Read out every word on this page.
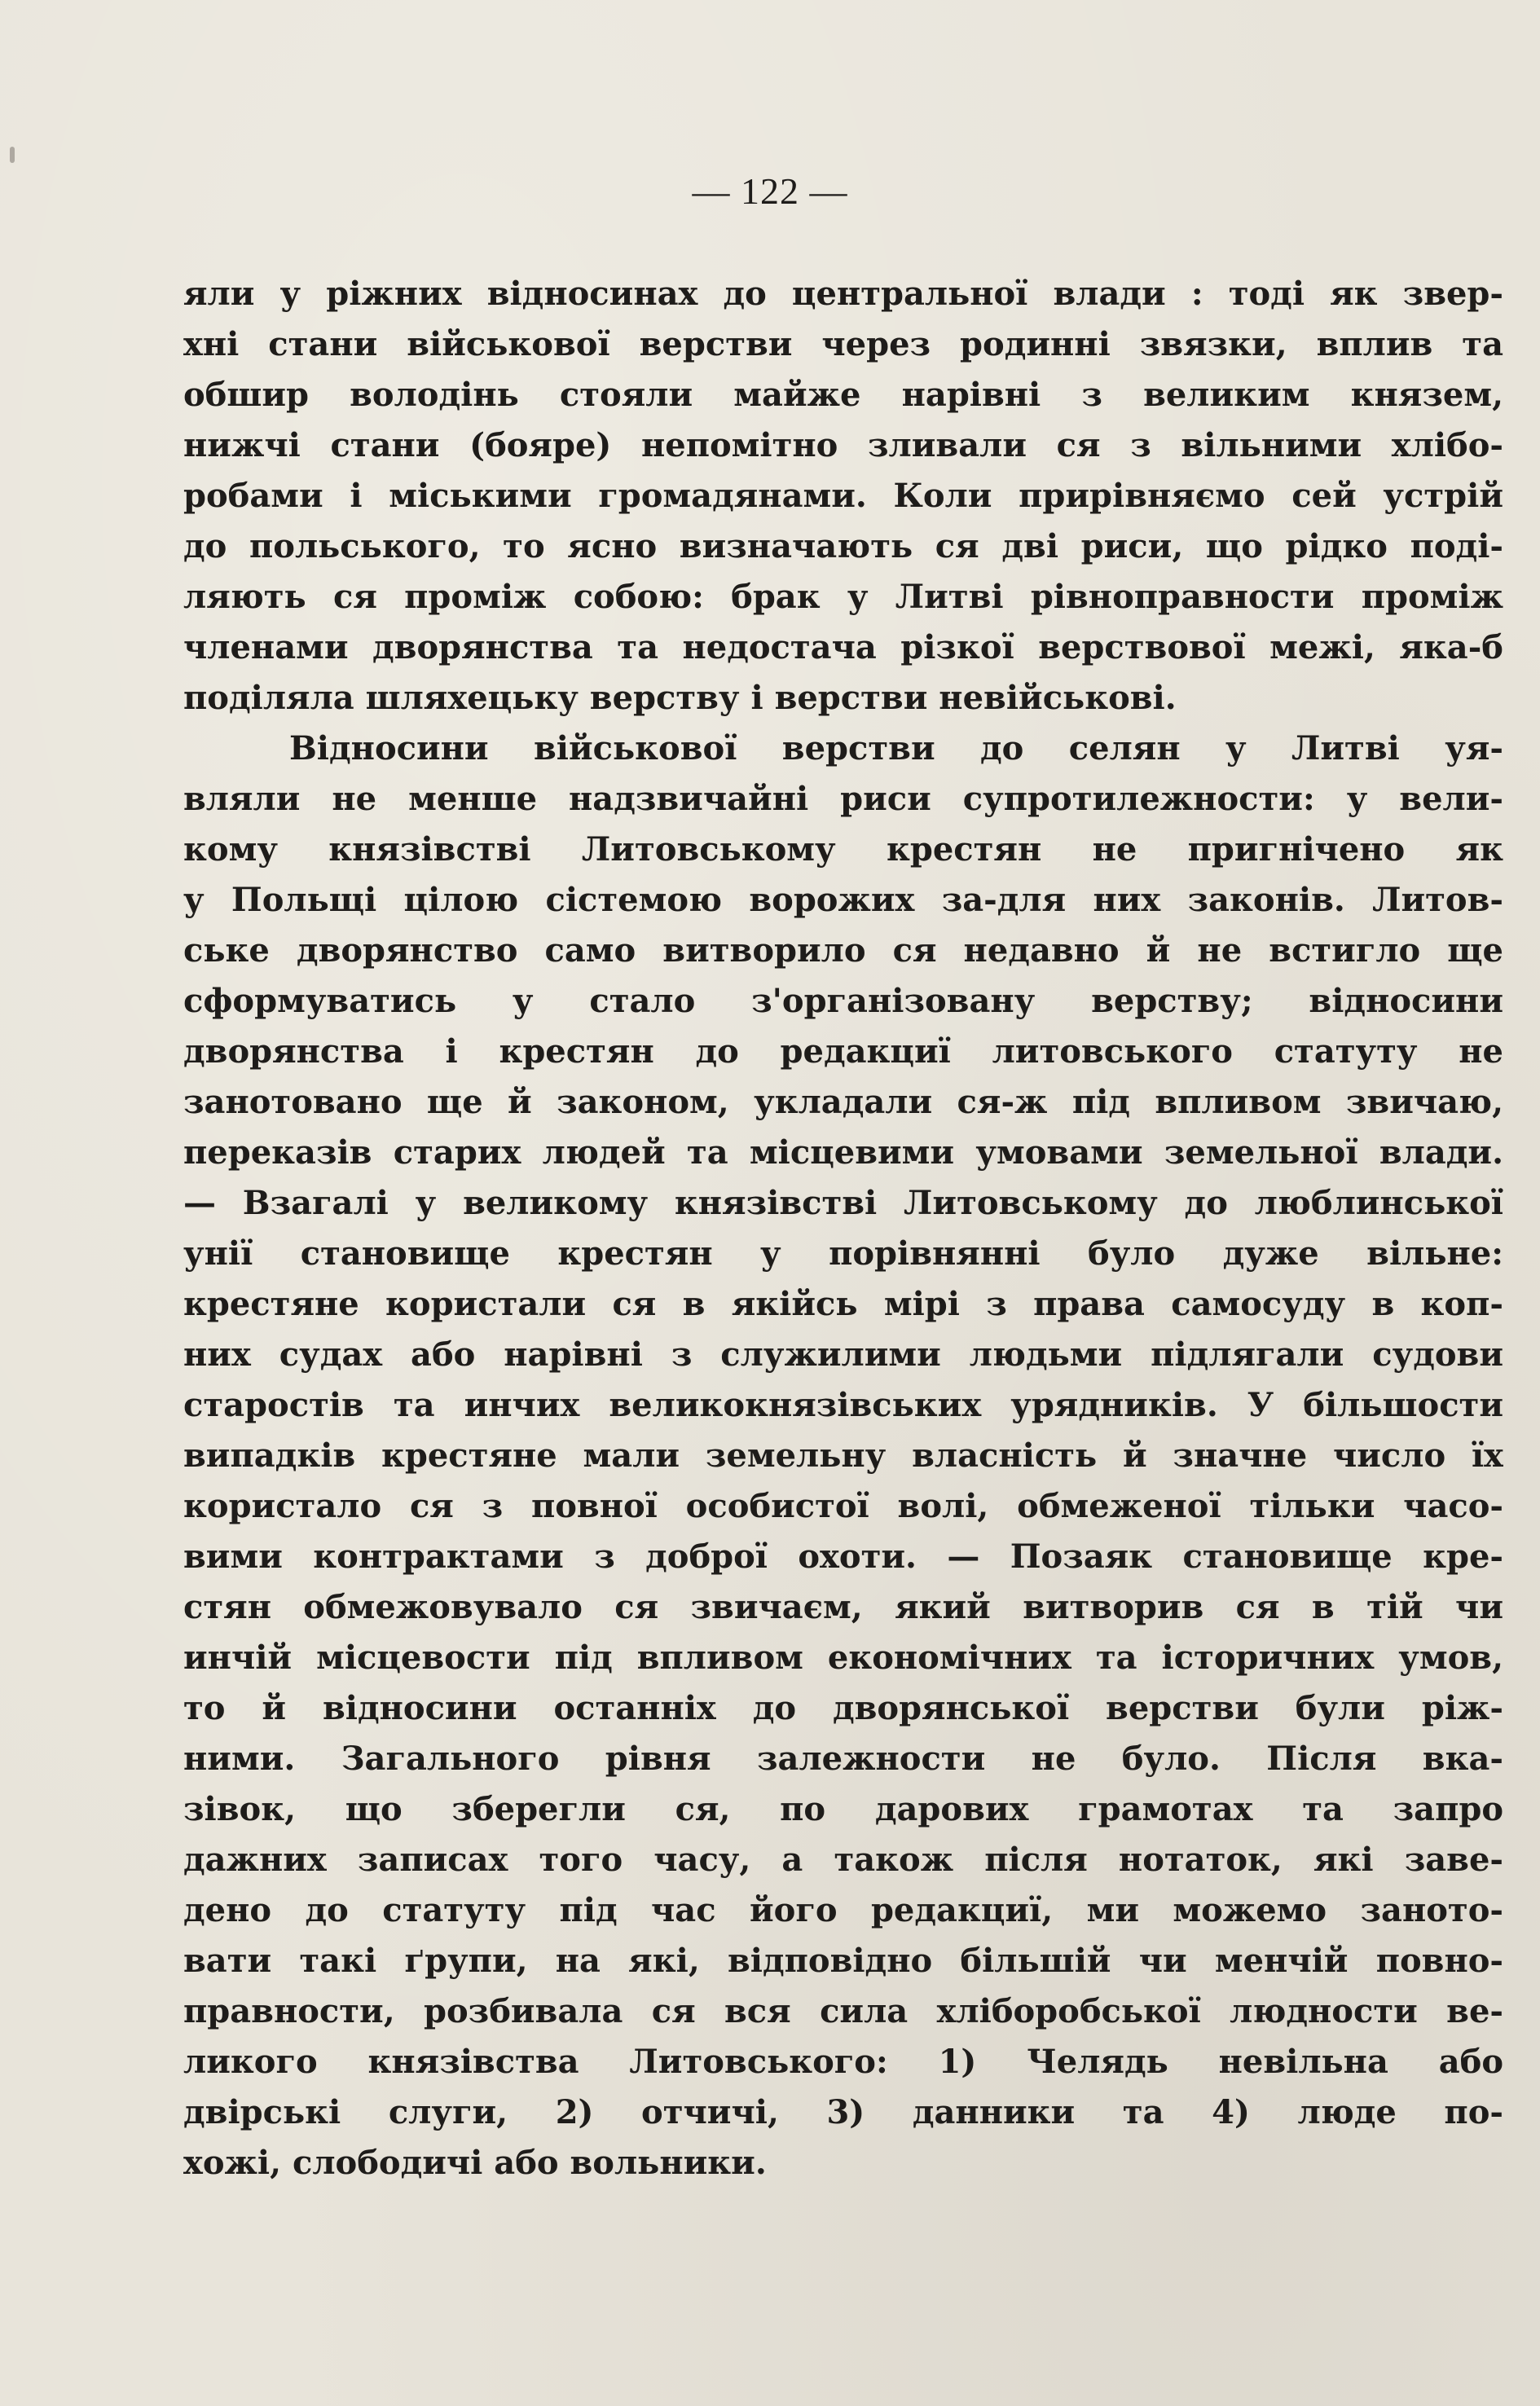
— 122 —
яли у ріжних відносинах до центральної влади : тоді як звер-
хні стани військової верстви через родинні звязки, вплив та
обшир володінь стояли майже нарівні з великим князем,
нижчі стани (бояре) непомітно зливали ся з вільними хлібо-
робами і міськими громадянами. Коли прирівняємо сей устрій
до польського, то ясно визначають ся дві риси, що рідко поді-
ляють ся проміж собою: брак у Литві рівноправности проміж
членами дворянства та недостача різкої верствової межі, яка-б
поділяла шляхецьку верству і верстви невійськові.
Відносини військової верстви до селян у Литві уя-
вляли не менше надзвичайні риси супротилежности: у вели-
кому князівстві Литовському крестян не пригнічено як
у Польщі цілою сістемою ворожих за-для них законів. Литов-
ське дворянство само витворило ся недавно й не встигло ще
сформуватись у стало з'організовану верству; відносини
дворянства і крестян до редакциї литовського статуту не
занотовано ще й законом, укладали ся-ж під впливом звичаю,
переказів старих людей та місцевими умовами земельної влади.
— Взагалі у великому князівстві Литовському до люблинської
унії становище крестян у порівнянні було дуже вільне:
крестяне користали ся в якійсь мірі з права самосуду в коп-
них судах або нарівні з служилими людьми підлягали судови
старостів та инчих великокнязівських урядників. У більшости
випадків крестяне мали земельну власність й значне число їх
користало ся з повної особистої волі, обмеженої тільки часо-
вими контрактами з доброї охоти. — Позаяк становище кре-
стян обмежовувало ся звичаєм, який витворив ся в тій чи
инчій місцевости під впливом економічних та історичних умов,
то й відносини останніх до дворянської верстви були ріж-
ними. Загального рівня залежности не було. Після вка-
зівок, що зберегли ся, по дарових грамотах та запро
дажних записах того часу, а також після нотаток, які заве-
дено до статуту під час його редакциї, ми можемо заното-
вати такі ґрупи, на які, відповідно більшій чи менчій повно-
правности, розбивала ся вся сила хліборобської людности ве-
ликого князівства Литовського: 1) Челядь невільна або
двірські слуги, 2) отчичі, 3) данники та 4) люде по-
хожі, слободичі або вольники.
